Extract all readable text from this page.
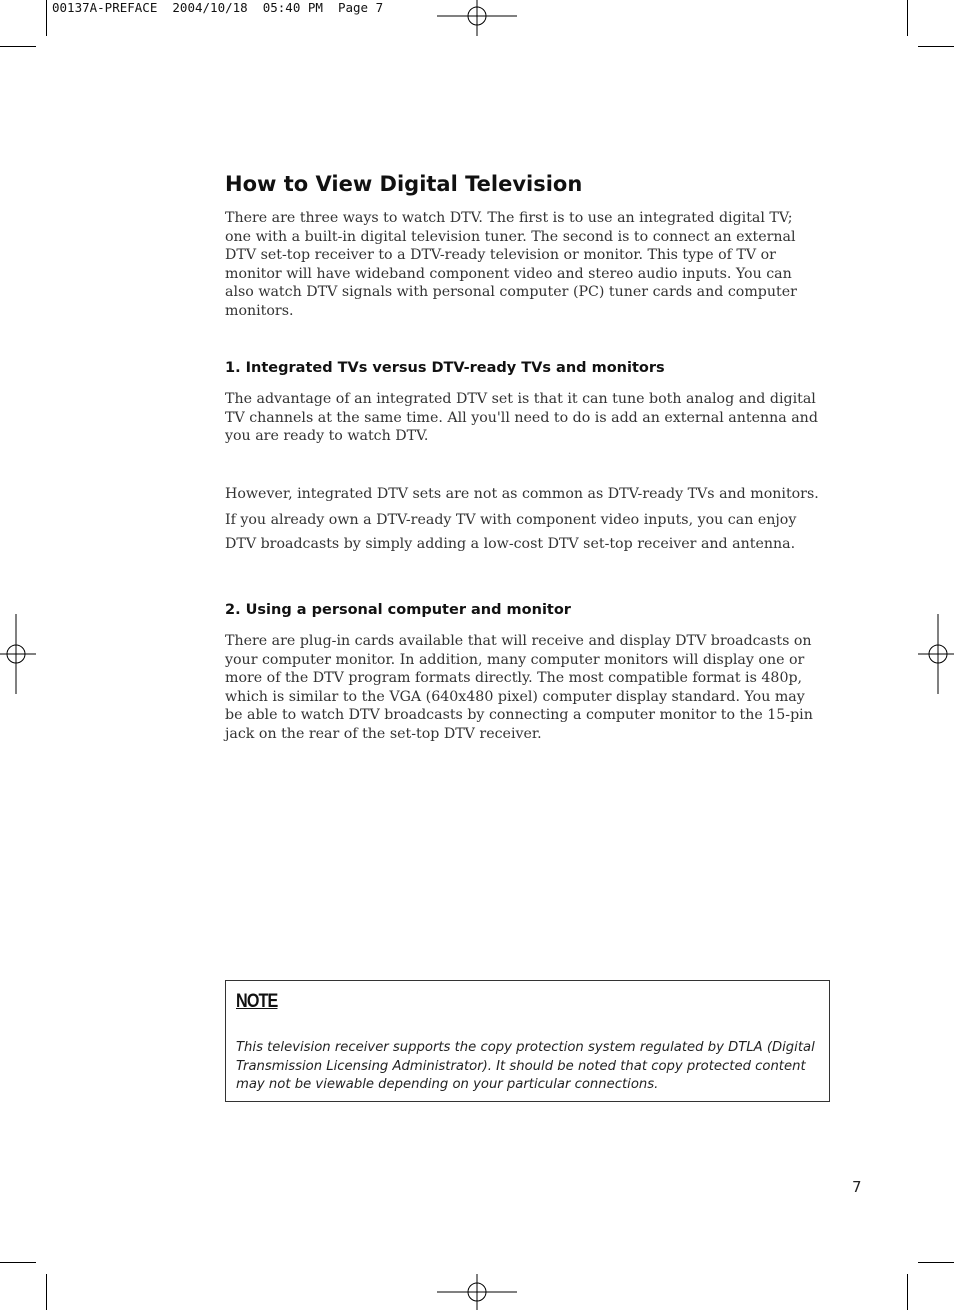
00137A-PREFACE  2004/10/18  05:40 PM  Page 7
How to View Digital Television

There are three ways to watch DTV. The first is to use an integrated digital TV; one with a built-in digital television tuner. The second is to connect an external DTV set-top receiver to a DTV-ready television or monitor. This type of TV or monitor will have wideband component video and stereo audio inputs. You can also watch DTV signals with personal computer (PC) tuner cards and computer monitors.

1. Integrated TVs versus DTV-ready TVs and monitors

The advantage of an integrated DTV set is that it can tune both analog and digital TV channels at the same time. All you'll need to do is add an external antenna and you are ready to watch DTV.

However, integrated DTV sets are not as common as DTV-ready TVs and monitors.

If you already own a DTV-ready TV with component video inputs, you can enjoy DTV broadcasts by simply adding a low-cost DTV set-top receiver and antenna.

2. Using a personal computer and monitor

There are plug-in cards available that will receive and display DTV broadcasts on your computer monitor. In addition, many computer monitors will display one or more of the DTV program formats directly. The most compatible format is 480p, which is similar to the VGA (640x480 pixel) computer display standard. You may be able to watch DTV broadcasts by connecting a computer monitor to the 15-pin jack on the rear of the set-top DTV receiver.

NOTE

This television receiver supports the copy protection system regulated by DTLA (Digital Transmission Licensing Administrator). It should be noted that copy protected content may not be viewable depending on your particular connections.

7
